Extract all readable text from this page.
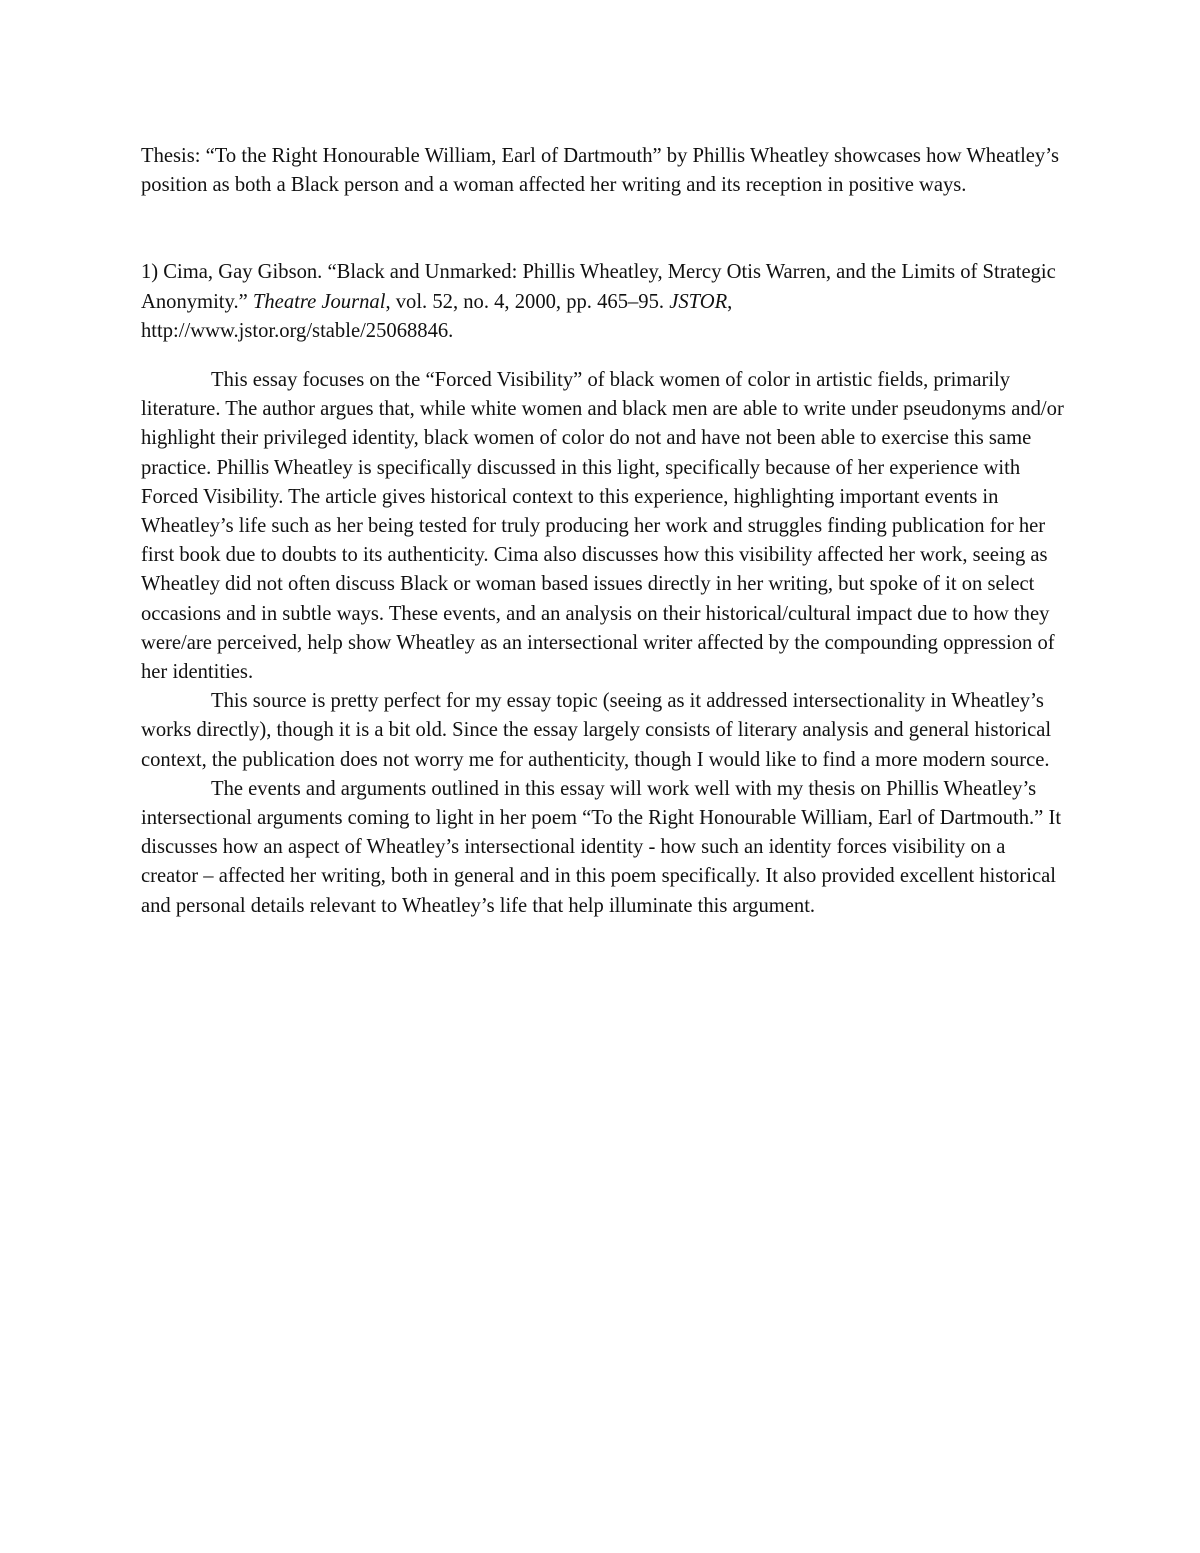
Thesis: “To the Right Honourable William, Earl of Dartmouth” by Phillis Wheatley showcases how Wheatley’s position as both a Black person and a woman affected her writing and its reception in positive ways.

1) Cima, Gay Gibson. “Black and Unmarked: Phillis Wheatley, Mercy Otis Warren, and the Limits of Strategic Anonymity.” Theatre Journal, vol. 52, no. 4, 2000, pp. 465–95. JSTOR,
http://www.jstor.org/stable/25068846.

This essay focuses on the “Forced Visibility” of black women of color in artistic fields, primarily literature. The author argues that, while white women and black men are able to write under pseudonyms and/or highlight their privileged identity, black women of color do not and have not been able to exercise this same practice. Phillis Wheatley is specifically discussed in this light, specifically because of her experience with Forced Visibility. The article gives historical context to this experience, highlighting important events in Wheatley’s life such as her being tested for truly producing her work and struggles finding publication for her first book due to doubts to its authenticity. Cima also discusses how this visibility affected her work, seeing as Wheatley did not often discuss Black or woman based issues directly in her writing, but spoke of it on select occasions and in subtle ways. These events, and an analysis on their historical/cultural impact due to how they were/are perceived, help show Wheatley as an intersectional writer affected by the compounding oppression of her identities.

This source is pretty perfect for my essay topic (seeing as it addressed intersectionality in Wheatley’s works directly), though it is a bit old. Since the essay largely consists of literary analysis and general historical context, the publication does not worry me for authenticity, though I would like to find a more modern source.

The events and arguments outlined in this essay will work well with my thesis on Phillis Wheatley’s intersectional arguments coming to light in her poem “To the Right Honourable William, Earl of Dartmouth.” It discusses how an aspect of Wheatley’s intersectional identity - how such an identity forces visibility on a creator – affected her writing, both in general and in this poem specifically. It also provided excellent historical and personal details relevant to Wheatley’s life that help illuminate this argument.
